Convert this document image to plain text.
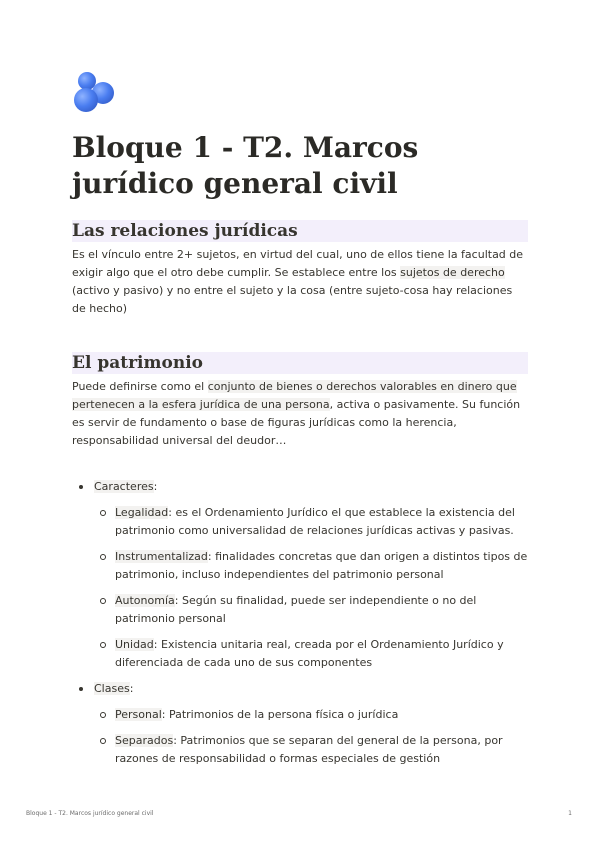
Bloque 1 - T2. Marcos jurídico general civil
Las relaciones jurídicas

Es el vínculo entre 2+ sujetos, en virtud del cual, uno de ellos tiene la facultad de exigir algo que el otro debe cumplir. Se establece entre los sujetos de derecho (activo y pasivo) y no entre el sujeto y la cosa (entre sujeto-cosa hay relaciones de hecho)

El patrimonio

Puede definirse como el conjunto de bienes o derechos valorables en dinero que pertenecen a la esfera jurídica de una persona, activa o pasivamente. Su función es servir de fundamento o base de figuras jurídicas como la herencia, responsabilidad universal del deudor…

Caracteres:
Legalidad: es el Ordenamiento Jurídico el que establece la existencia del patrimonio como universalidad de relaciones jurídicas activas y pasivas.
Instrumentalizad: finalidades concretas que dan origen a distintos tipos de patrimonio, incluso independientes del patrimonio personal
Autonomía: Según su finalidad, puede ser independiente o no del patrimonio personal
Unidad: Existencia unitaria real, creada por el Ordenamiento Jurídico y diferenciada de cada uno de sus componentes
Clases:
Personal: Patrimonios de la persona física o jurídica
Separados: Patrimonios que se separan del general de la persona, por razones de responsabilidad o formas especiales de gestión
Bloque 1 - T2. Marcos jurídico general civil	1
